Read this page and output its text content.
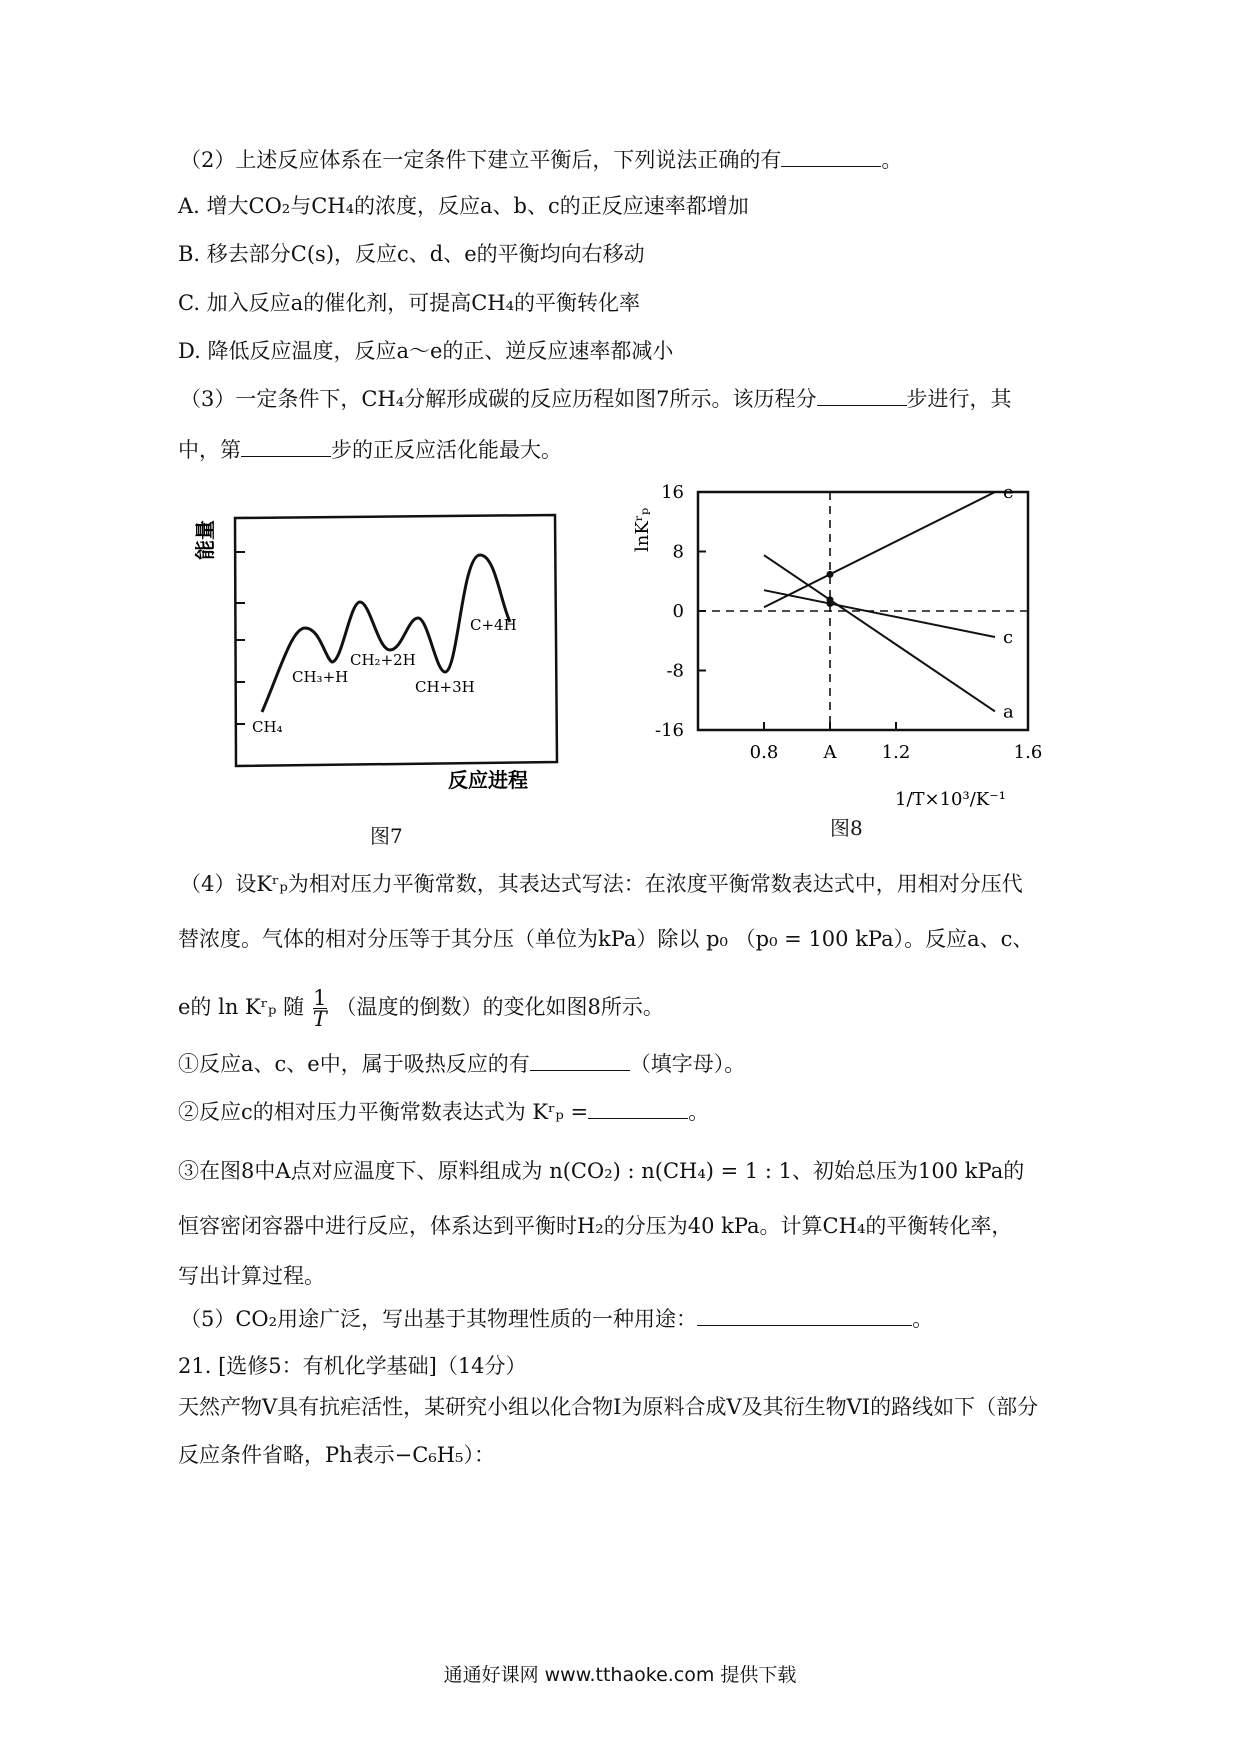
（2）上述反应体系在一定条件下建立平衡后，下列说法正确的有	。
A. 增大CO₂与CH₄的浓度，反应a、b、c的正反应速率都增加
B. 移去部分C(s)，反应c、d、e的平衡均向右移动
C. 加入反应a的催化剂，可提高CH₄的平衡转化率
D. 降低反应温度，反应a～e的正、逆反应速率都减小
（3）一定条件下，CH₄分解形成碳的反应历程如图7所示。该历程分	步进行，其
中，第	步的正反应活化能最大。
CH₄
CH₃+H
CH₂+2H
CH+3H
C+4H
能量
反应进程
图7
16
8
0
-8
-16
0.8	A	1.2	1.6
e
c
a
lnKʳₚ
1/T×10³/K⁻¹
图8
（4）设Kʳₚ为相对压力平衡常数，其表达式写法：在浓度平衡常数表达式中，用相对分压代
替浓度。气体的相对分压等于其分压（单位为kPa）除以 p₀ （p₀ = 100 kPa）。反应a、c、
e的 ln Kʳₚ 随 $\frac{1}{T}$ （温度的倒数）的变化如图8所示。
①反应a、c、e中，属于吸热反应的有	（填字母）。
②反应c的相对压力平衡常数表达式为 Kʳₚ =	。
③在图8中A点对应温度下、原料组成为 n(CO₂) : n(CH₄) = 1 : 1、初始总压为100 kPa的
恒容密闭容器中进行反应，体系达到平衡时H₂的分压为40 kPa。计算CH₄的平衡转化率，
写出计算过程。
（5）CO₂用途广泛，写出基于其物理性质的一种用途：	。
21. [选修5：有机化学基础]（14分）
天然产物V具有抗疟活性，某研究小组以化合物I为原料合成V及其衍生物VI的路线如下（部分
反应条件省略，Ph表示−C₆H₅）：
通通好课网 www.tthaoke.com 提供下载
